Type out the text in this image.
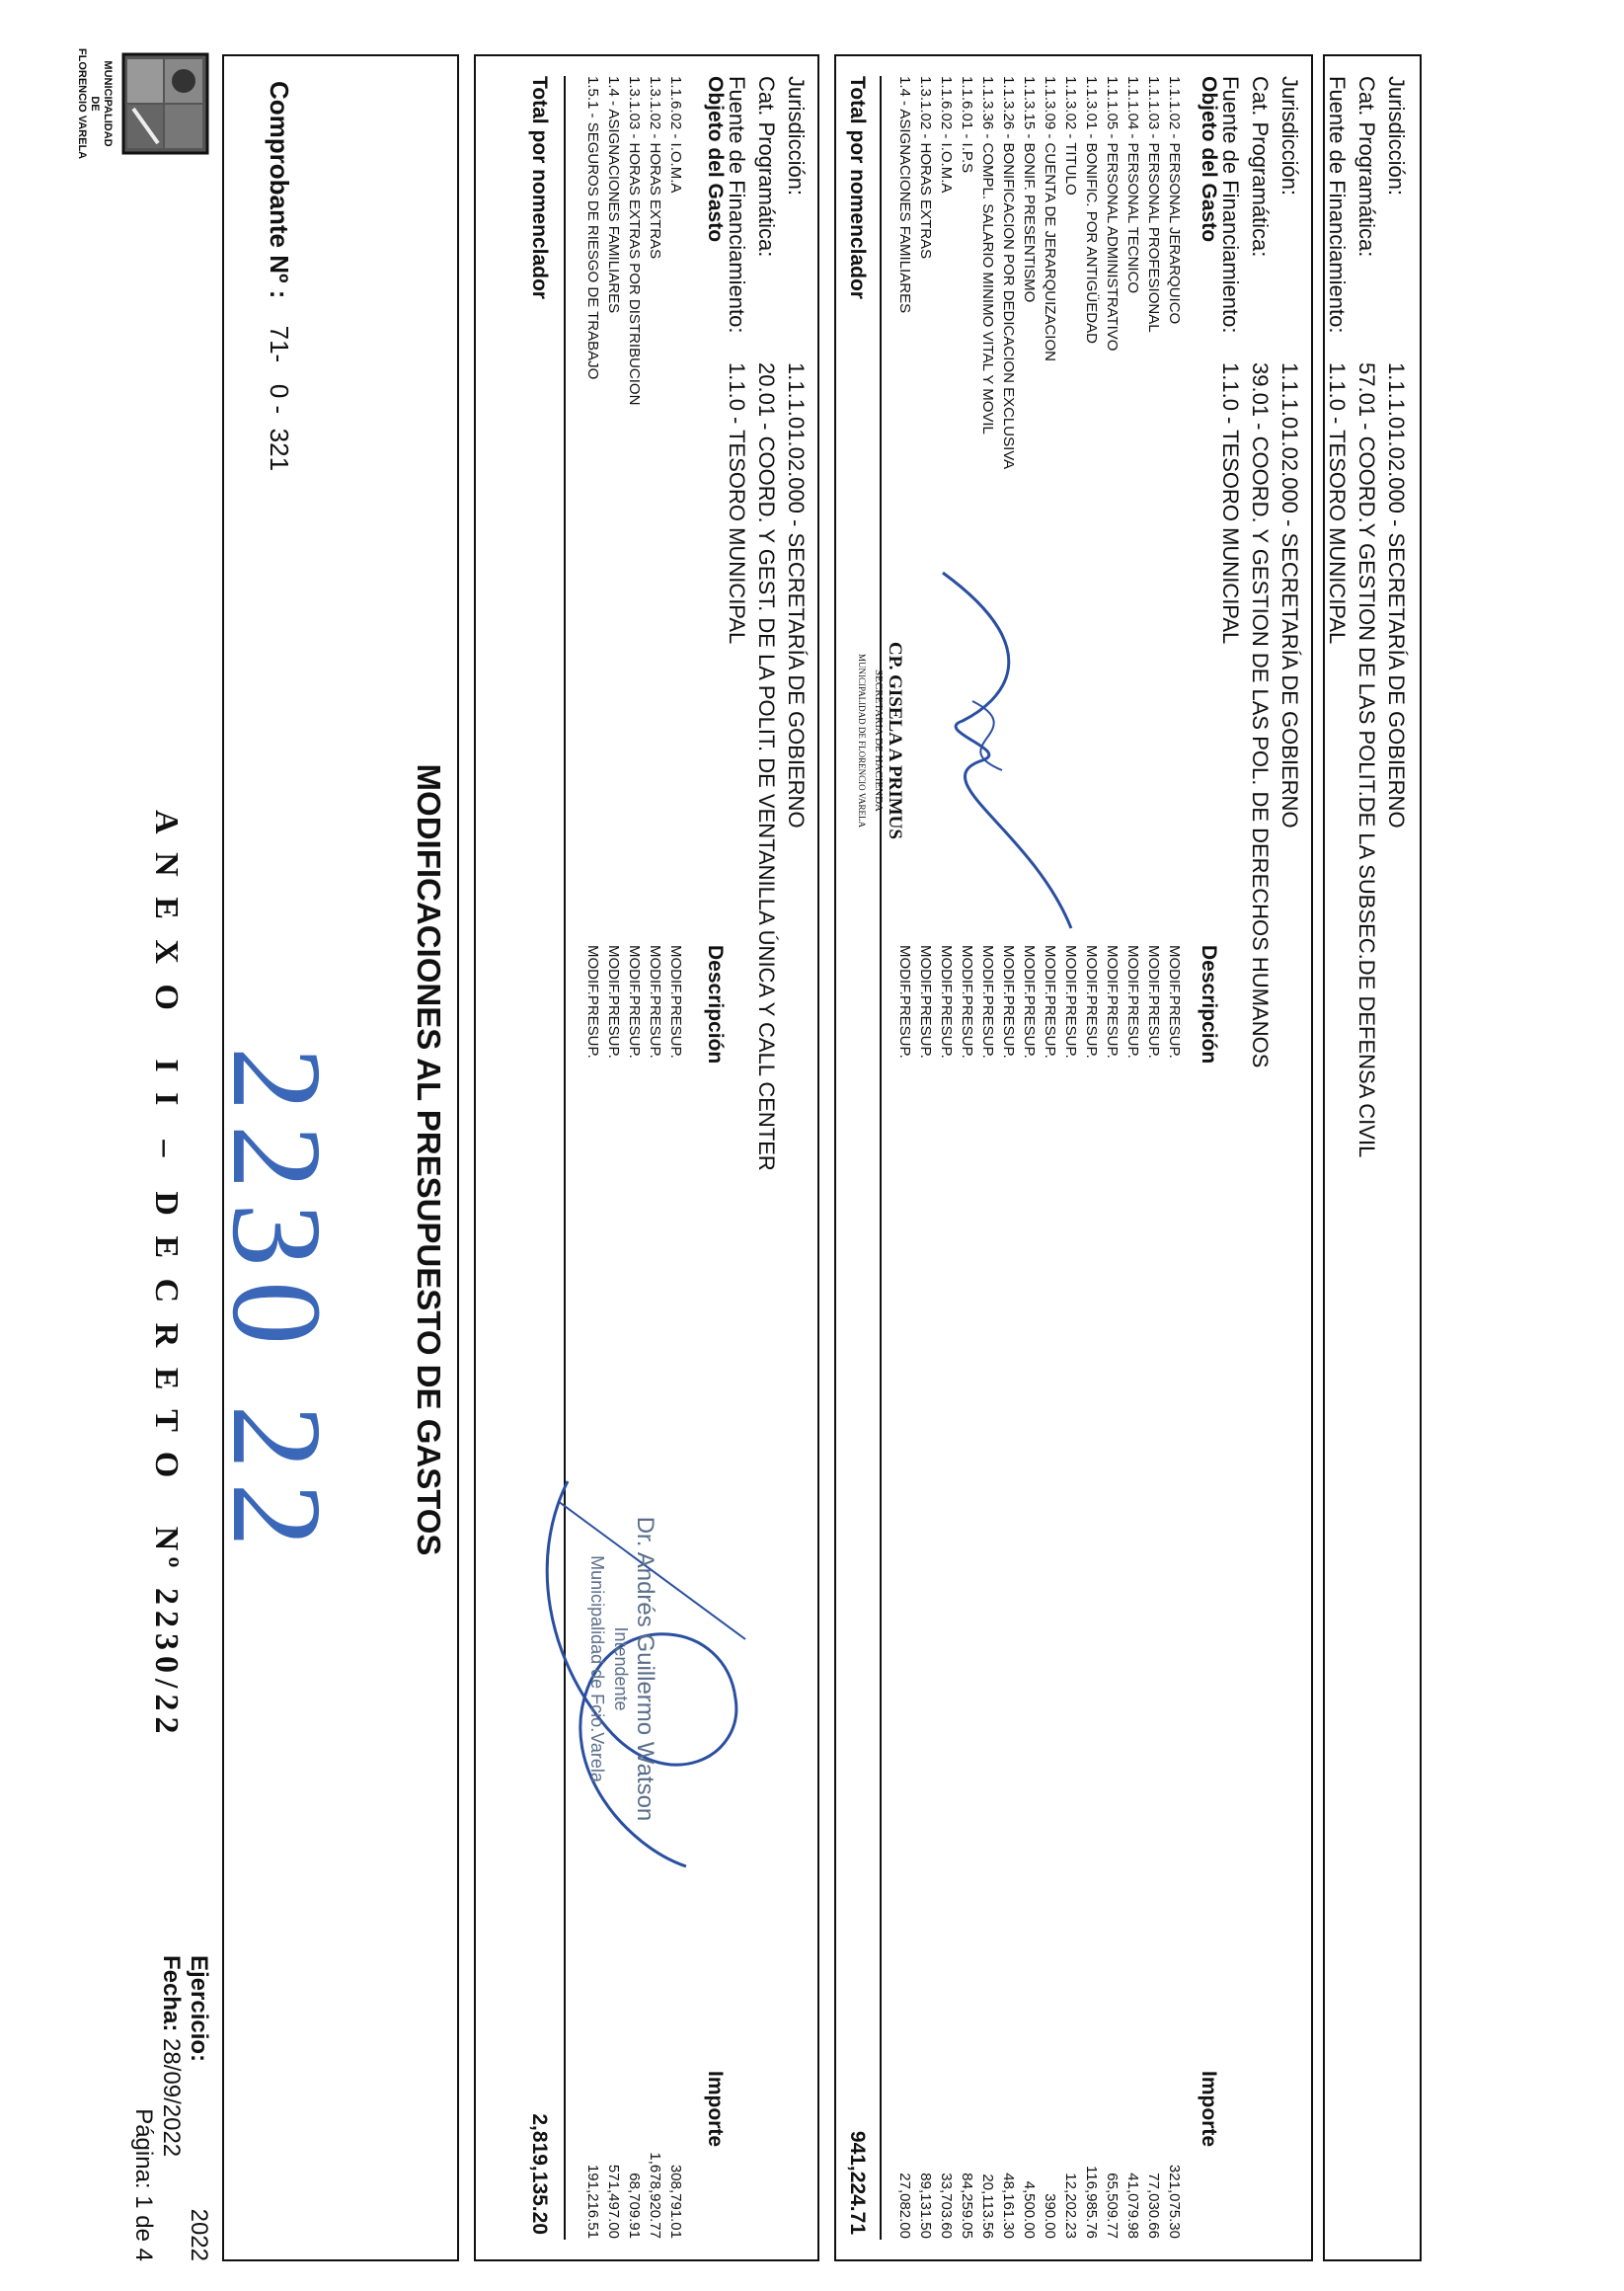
MUNICIPALIDAD
DE
FLORENCIO VARELA
A N E X O   I I  –  D E C R E T O   Nº 2230/22 2230 22
Ejercicio:
2022
Fecha: 28/09/2022
Página: 1 de 4
MODIFICACIONES AL PRESUPUESTO DE GASTOS
Comprobante Nº : 71-   0 -  321
Jurisdicción:1.1.1.01.02.000 - SECRETARÍA DE GOBIERNO
Cat. Programática:20.01 - COORD. Y GEST. DE LA POLIT. DE VENTANILLA ÚNICA Y CALL CENTER
Fuente de Financiamiento:1.1.0 - TESORO MUNICIPAL
Objeto del Gasto
Descripción
Importe
1.1.6.02 - I.O.M.A
MODIF.PRESUP.
308,791.01
1.3.1.02 - HORAS EXTRAS
MODIF.PRESUP.
1,678,920.77
1.3.1.03 - HORAS EXTRAS POR DISTRIBUCION
MODIF.PRESUP.
68,709.91
1.4 - ASIGNACIONES FAMILIARES
MODIF.PRESUP.
571,497.00
1.5.1 - SEGUROS DE RIESGO DE TRABAJO
MODIF.PRESUP.
191,216.51
Total por nomenclador
2,819,135.20
Jurisdicción:1.1.1.01.02.000 - SECRETARÍA DE GOBIERNO
Cat. Programática:39.01 - COORD. Y GESTION DE LAS POL. DE DERECHOS HUMANOS
Fuente de Financiamiento:1.1.0 - TESORO MUNICIPAL
Objeto del Gasto
Descripción
Importe
1.1.1.02 - PERSONAL JERARQUICO
MODIF.PRESUP.
321,075.30
1.1.1.03 - PERSONAL PROFESIONAL
MODIF.PRESUP.
77,030.66
1.1.1.04 - PERSONAL TECNICO
MODIF.PRESUP.
41,079.98
1.1.1.05 - PERSONAL ADMINISTRATIVO
MODIF.PRESUP.
65,509.77
1.1.3.01 - BONIFIC. POR ANTIGÜEDAD
MODIF.PRESUP.
116,985.76
1.1.3.02 - TITULO
MODIF.PRESUP.
12,202.23
1.1.3.09 - CUENTA DE JERARQUIZACION
MODIF.PRESUP.
390.00
1.1.3.15 - BONIF. PRESENTISMO
MODIF.PRESUP.
4,500.00
1.1.3.26 - BONIFICACION POR DEDICACION EXCLUSIVA
MODIF.PRESUP.
48,161.30
1.1.3.36 - COMPL. SALARIO MINIMO VITAL Y MOVIL
MODIF.PRESUP.
20,113.56
1.1.6.01 - I.P.S
MODIF.PRESUP.
84,259.05
1.1.6.02 - I.O.M.A
MODIF.PRESUP.
33,703.60
1.3.1.02 - HORAS EXTRAS
MODIF.PRESUP.
89,131.50
1.4 - ASIGNACIONES FAMILIARES
MODIF.PRESUP.
27,082.00
Total por nomenclador
941,224.71
Jurisdicción:1.1.1.01.02.000 - SECRETARÍA DE GOBIERNO
Cat. Programática:57.01 - COORD.Y GESTION DE LAS POLIT.DE LA SUBSEC.DE DEFENSA CIVIL
Fuente de Financiamiento:1.1.0 - TESORO MUNICIPAL
CP. GISELA A PRIMUS
SECRETARIA DE HACIENDA
MUNICIPALIDAD DE FLORENCIO VARELA
Dr. Andrés Guillermo Watson
Intendente
Municipalidad de Fcio.Varela
